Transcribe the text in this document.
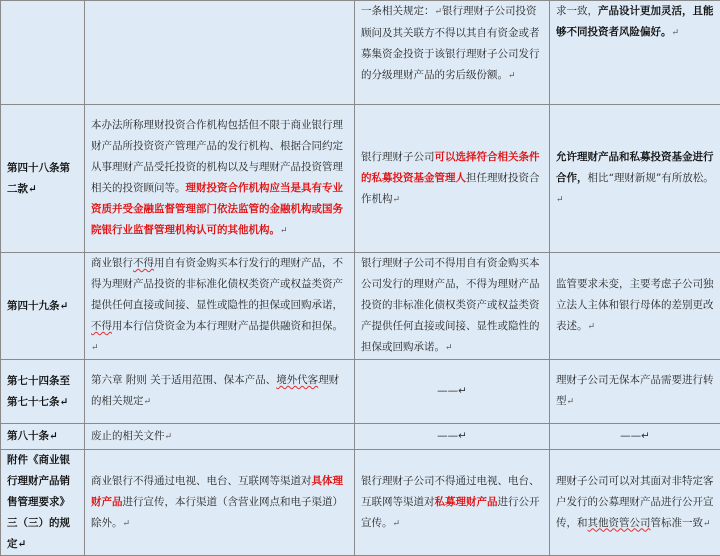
		一条相关规定：↵银行理财子公司投资顾问及其关联方不得以其自有资金或者募集资金投资于该银行理财子公司发行的分级理财产品的劣后级份额。↵	求一致，产品设计更加灵活，且能够不同投资者风险偏好。↵

第四十八条第二款↵	本办法所称理财投资合作机构包括但不限于商业银行理财产品所投资资产管理产品的发行机构、根据合同约定从事理财产品受托投资的机构以及与理财产品投资管理相关的投资顾问等。理财投资合作机构应当是具有专业资质并受金融监督管理部门依法监管的金融机构或国务院银行业监督管理机构认可的其他机构。↵	银行理财子公司可以选择符合相关条件的私募投资基金管理人担任理财投资合作机构↵	允许理财产品和私募投资基金进行合作，相比“理财新规”有所放松。↵

第四十九条↵	商业银行不得用自有资金购买本行发行的理财产品，不得为理财产品投资的非标准化债权类资产或权益类资产提供任何直接或间接、显性或隐性的担保或回购承诺，不得用本行信贷资金为本行理财产品提供融资和担保。↵	银行理财子公司不得用自有资金购买本公司发行的理财产品，不得为理财产品投资的非标准化债权类资产或权益类资产提供任何直接或间接、显性或隐性的担保或回购承诺。↵	监管要求未变，主要考虑子公司独立法人主体和银行母体的差别更改表述。↵

第七十四条至第七十七条↵	第六章 附则 关于适用范围、保本产品、境外代客理财的相关规定↵	——↵	理财子公司无保本产品需要进行转型↵

第八十条↵	废止的相关文件↵	——↵	——↵
附件《商业银行理财产品销售管理要求》三（三）的规定↵	商业银行不得通过电视、电台、互联网等渠道对具体理财产品进行宣传，本行渠道（含营业网点和电子渠道）除外。↵	银行理财子公司不得通过电视、电台、互联网等渠道对私募理财产品进行公开宣传。↵	理财子公司可以对其面对非特定客户发行的公募理财产品进行公开宣传，和其他资管公司管标准一致↵
